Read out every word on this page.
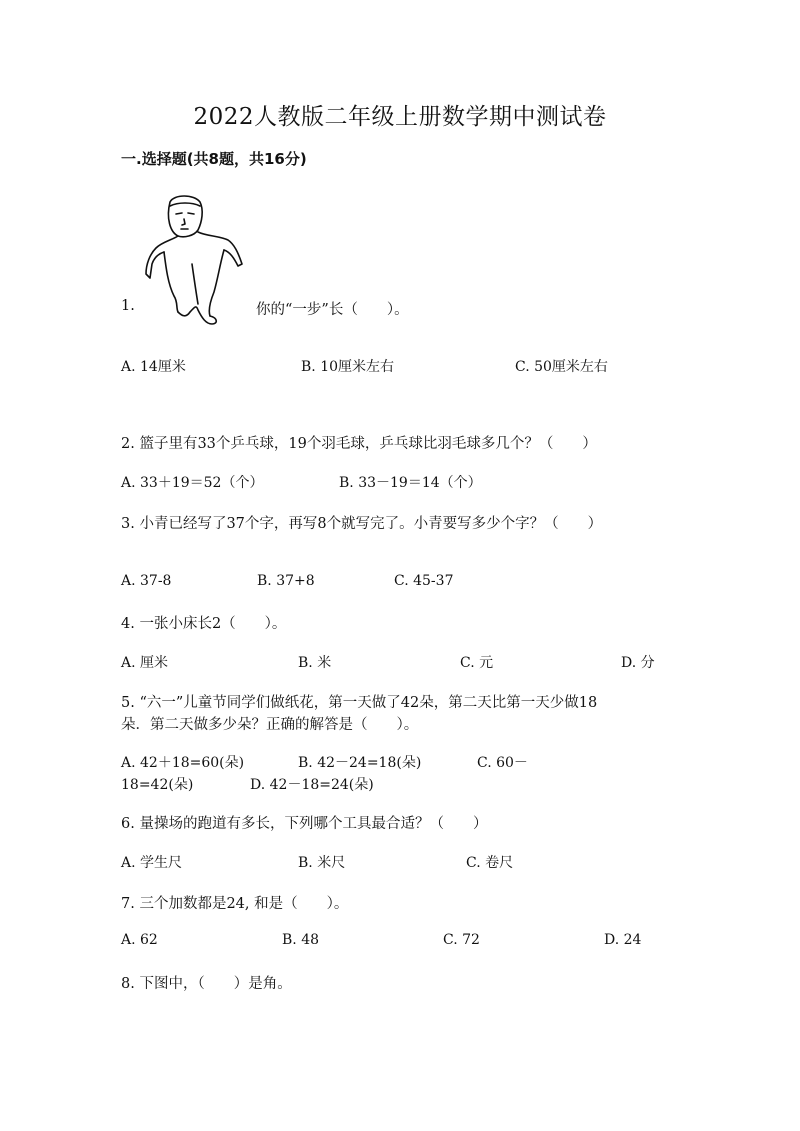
2022人教版二年级上册数学期中测试卷
一.选择题(共8题，共16分)
1.	你的“一步”长（　　）。
A. 14厘米	B. 10厘米左右	C. 50厘米左右
2. 篮子里有33个乒乓球，19个羽毛球，乒乓球比羽毛球多几个？（　　）
A. 33＋19＝52（个）	B. 33－19＝14（个）
3. 小青已经写了37个字，再写8个就写完了。小青要写多少个字？（　　）
A. 37-8	B. 37+8	C. 45-37
4. 一张小床长2（　　）。
A. 厘米	B. 米	C. 元	D. 分
5. “六一”儿童节同学们做纸花，第一天做了42朵，第二天比第一天少做18
朵．第二天做多少朵？正确的解答是（　　）。
A. 42＋18=60(朵)	B. 42－24=18(朵)	C. 60－
18=42(朵)	D. 42－18=24(朵)
6. 量操场的跑道有多长，下列哪个工具最合适？（　　）
A. 学生尺	B. 米尺	C. 卷尺
7. 三个加数都是24, 和是（　　）。
A. 62	B. 48	C. 72	D. 24
8. 下图中，（　　）是角。
